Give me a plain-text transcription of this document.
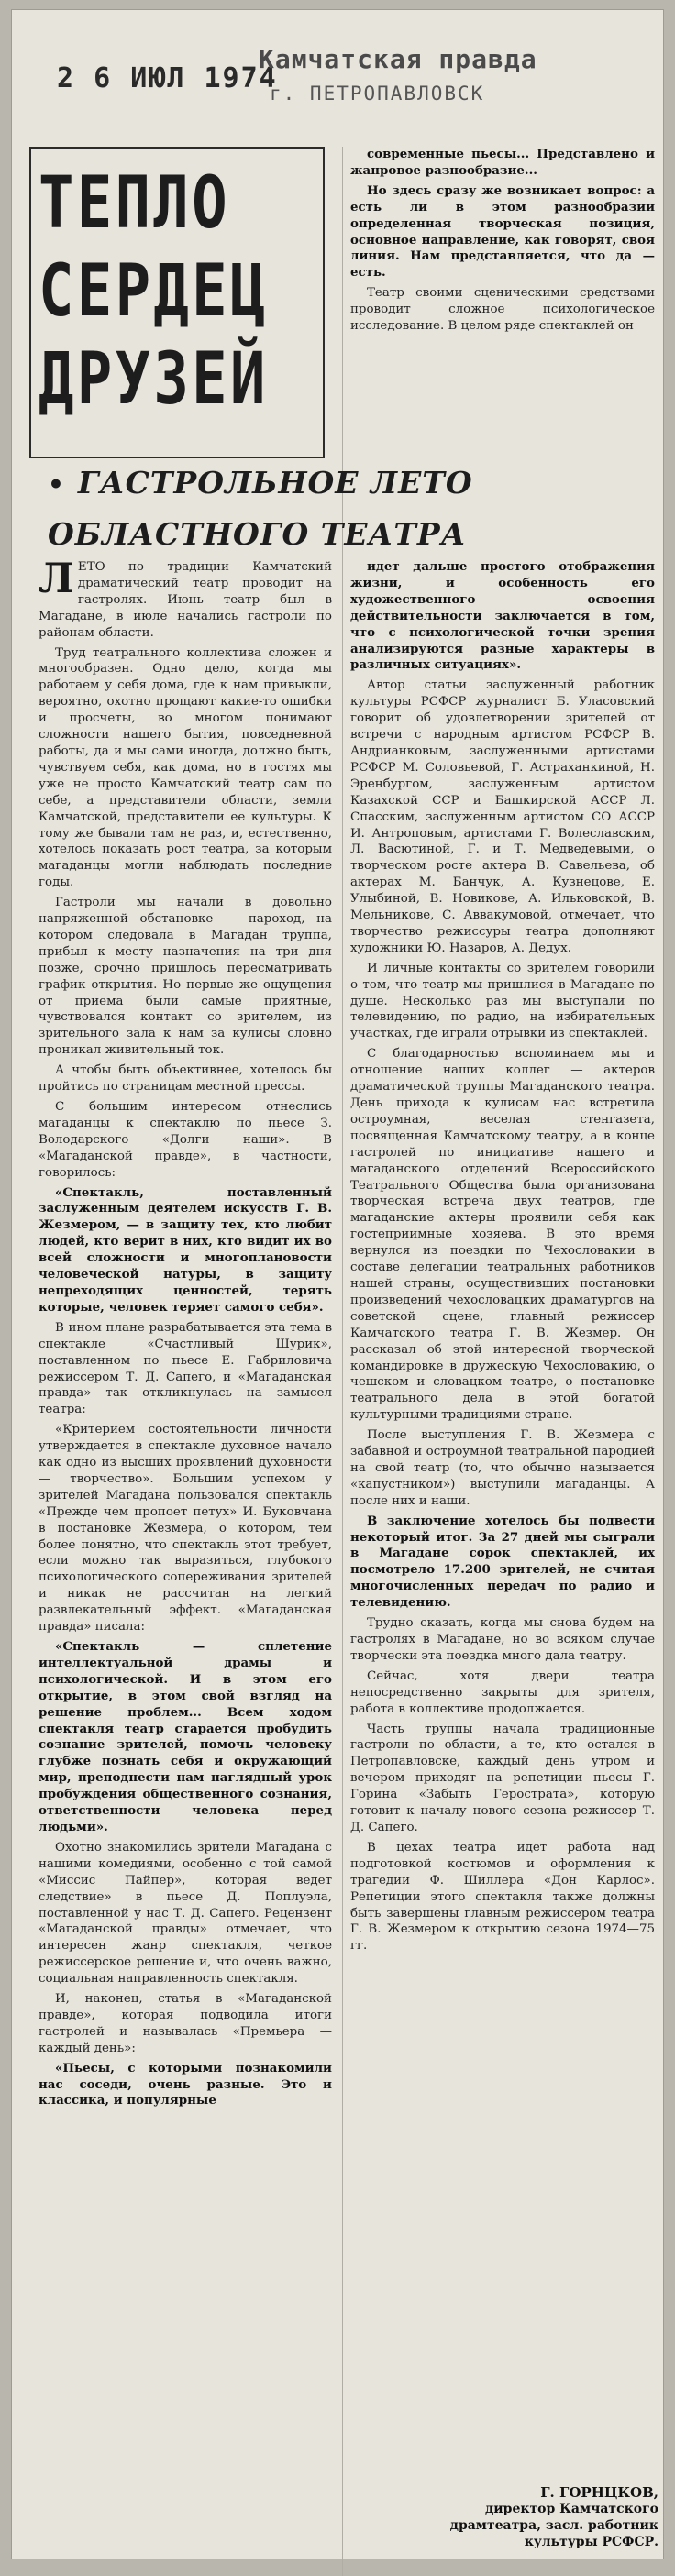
2 6 ИЮЛ 1974
Камчатская правда
г. ПЕТРОПАВЛОВСК
ТЕПЛО
СЕРДЕЦ
ДРУЗЕЙ

современные пьесы... Представлено и жанровое разнообразие...

Но здесь сразу же возникает вопрос: а есть ли в этом разнообразии определенная творческая позиция, основное направление, как говорят, своя линия. Нам представляется, что да — есть.

Театр своими сценическими средствами проводит сложное психологическое исследование. В целом ряде спектаклей он

• ГАСТРОЛЬНОЕ ЛЕТО
ОБЛАСТНОГО ТЕАТРА

ЛЕТО по традиции Камчатский драматический театр проводит на гастролях. Июнь театр был в Магадане, в июле начались гастроли по районам области.

Труд театрального коллектива сложен и многообразен. Одно дело, когда мы работаем у себя дома, где к нам привыкли, вероятно, охотно прощают какие-то ошибки и просчеты, во многом понимают сложности нашего бытия, повседневной работы, да и мы сами иногда, должно быть, чувствуем себя, как дома, но в гостях мы уже не просто Камчатский театр сам по себе, а представители области, земли Камчатской, представители ее культуры. К тому же бывали там не раз, и, естественно, хотелось показать рост театра, за которым магаданцы могли наблюдать последние годы.

Гастроли мы начали в довольно напряженной обстановке — пароход, на котором следовала в Магадан труппа, прибыл к месту назначения на три дня позже, срочно пришлось пересматривать график открытия. Но первые же ощущения от приема были самые приятные, чувствовался контакт со зрителем, из зрительного зала к нам за кулисы словно проникал живительный ток.

А чтобы быть объективнее, хотелось бы пройтись по страницам местной прессы.

С большим интересом отнеслись магаданцы к спектаклю по пьесе З. Володарского «Долги наши». В «Магаданской правде», в частности, говорилось:

«Спектакль, поставленный заслуженным деятелем искусств Г. В. Жезмером, — в защиту тех, кто любит людей, кто верит в них, кто видит их во всей сложности и многоплановости человеческой натуры, в защиту непреходящих ценностей, терять которые, человек теряет самого себя».

В ином плане разрабатывается эта тема в спектакле «Счастливый Шурик», поставленном по пьесе Е. Габриловича режиссером Т. Д. Сапего, и «Магаданская правда» так откликнулась на замысел театра:

«Критерием состоятельности личности утверждается в спектакле духовное начало как одно из высших проявлений духовности — творчество». Большим успехом у зрителей Магадана пользовался спектакль «Прежде чем пропоет петух» И. Буковчана в постановке Жезмера, о котором, тем более понятно, что спектакль этот требует, если можно так выразиться, глубокого психологического сопереживания зрителей и никак не рассчитан на легкий развлекательный эффект. «Магаданская правда» писала:

«Спектакль — сплетение интеллектуальной драмы и психологической. И в этом его открытие, в этом свой взгляд на решение проблем... Всем ходом спектакля театр старается пробудить сознание зрителей, помочь человеку глубже познать себя и окружающий мир, преподнести нам наглядный урок пробуждения общественного сознания, ответственности человека перед людьми».

Охотно знакомились зрители Магадана с нашими комедиями, особенно с той самой «Миссис Пайпер», которая ведет следствие» в пьесе Д. Поплуэла, поставленной у нас Т. Д. Сапего. Рецензент «Магаданской правды» отмечает, что интересен жанр спектакля, четкое режиссерское решение и, что очень важно, социальная направленность спектакля.

И, наконец, статья в «Магаданской правде», которая подводила итоги гастролей и называлась «Премьера — каждый день»:

«Пьесы, с которыми познакомили нас соседи, очень разные. Это и классика, и популярные

идет дальше простого отображения жизни, и особенность его художественного освоения действительности заключается в том, что с психологической точки зрения анализируются разные характеры в различных ситуациях».

Автор статьи заслуженный работник культуры РСФСР журналист Б. Уласовский говорит об удовлетворении зрителей от встречи с народным артистом РСФСР В. Андрианковым, заслуженными артистами РСФСР М. Соловьевой, Г. Астраханкиной, Н. Эренбургом, заслуженным артистом Казахской ССР и Башкирской АССР Л. Спасским, заслуженным артистом СО АССР И. Антроповым, артистами Г. Волеславским, Л. Васютиной, Г. и Т. Медведевыми, о творческом росте актера В. Савельева, об актерах М. Банчук, А. Кузнецове, Е. Улыбиной, В. Новикове, А. Ильковской, В. Мельникове, С. Аввакумовой, отмечает, что творчество режиссуры театра дополняют художники Ю. Назаров, А. Дедух.

И личные контакты со зрителем говорили о том, что театр мы пришлися в Магадане по душе. Несколько раз мы выступали по телевидению, по радио, на избирательных участках, где играли отрывки из спектаклей.

С благодарностью вспоминаем мы и отношение наших коллег — актеров драматической труппы Магаданского театра. День прихода к кулисам нас встретила остроумная, веселая стенгазета, посвященная Камчатскому театру, а в конце гастролей по инициативе нашего и магаданского отделений Всероссийского Театрального Общества была организована творческая встреча двух театров, где магаданские актеры проявили себя как гостеприимные хозяева. В это время вернулся из поездки по Чехословакии в составе делегации театральных работников нашей страны, осуществивших постановки произведений чехословацких драматургов на советской сцене, главный режиссер Камчатского театра Г. В. Жезмер. Он рассказал об этой интересной творческой командировке в дружескую Чехословакию, о чешском и словацком театре, о постановке театрального дела в этой богатой культурными традициями стране.

После выступления Г. В. Жезмера с забавной и остроумной театральной пародией на свой театр (то, что обычно называется «капустником») выступили магаданцы. А после них и наши.

В заключение хотелось бы подвести некоторый итог. За 27 дней мы сыграли в Магадане сорок спектаклей, их посмотрело 17.200 зрителей, не считая многочисленных передач по радио и телевидению.

Трудно сказать, когда мы снова будем на гастролях в Магадане, но во всяком случае творчески эта поездка много дала театру.

Сейчас, хотя двери театра непосредственно закрыты для зрителя, работа в коллективе продолжается.

Часть труппы начала традиционные гастроли по области, а те, кто остался в Петропавловске, каждый день утром и вечером приходят на репетиции пьесы Г. Горина «Забыть Герострата», которую готовит к началу нового сезона режиссер Т. Д. Сапего.

В цехах театра идет работа над подготовкой костюмов и оформления к трагедии Ф. Шиллера «Дон Карлос». Репетиции этого спектакля также должны быть завершены главным режиссером театра Г. В. Жезмером к открытию сезона 1974—75 гг.

Г. ГОРНЦКОВ,
директор Камчатского драмтеатра, засл. работник культуры РСФСР.
